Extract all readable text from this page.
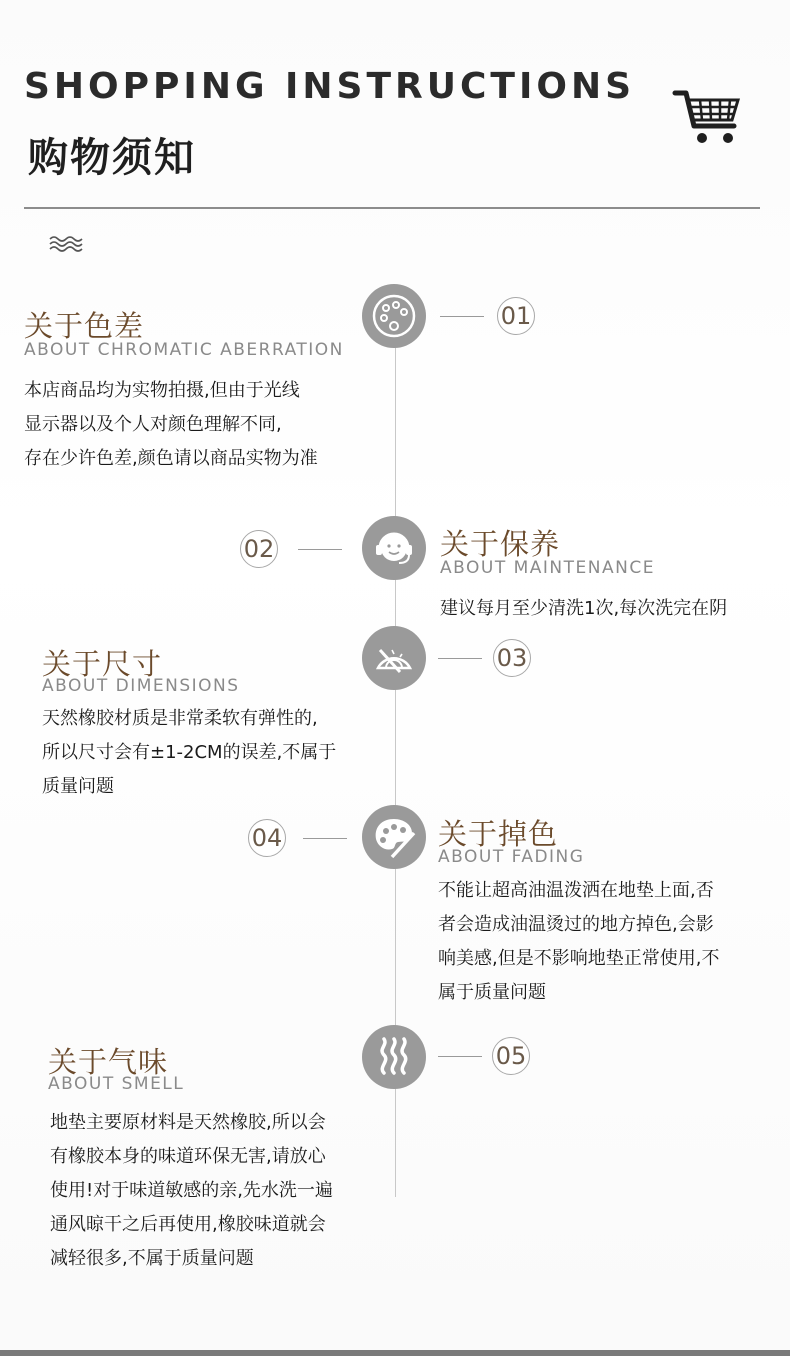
SHOPPING INSTRUCTIONS
购物须知
01
关于色差
ABOUT CHROMATIC ABERRATION
本店商品均为实物拍摄,但由于光线
显示器以及个人对颜色理解不同,
存在少许色差,颜色请以商品实物为准
02	关于保养
ABOUT MAINTENANCE
建议每月至少清洗1次,每次洗完在阴
03
关于尺寸
ABOUT DIMENSIONS
天然橡胶材质是非常柔软有弹性的,
所以尺寸会有±1-2CM的误差,不属于
质量问题
04	关于掉色
ABOUT FADING
不能让超高油温泼洒在地垫上面,否
者会造成油温烫过的地方掉色,会影
响美感,但是不影响地垫正常使用,不
属于质量问题
05
关于气味
ABOUT SMELL
地垫主要原材料是天然橡胶,所以会
有橡胶本身的味道环保无害,请放心
使用!对于味道敏感的亲,先水洗一遍
通风晾干之后再使用,橡胶味道就会
减轻很多,不属于质量问题
